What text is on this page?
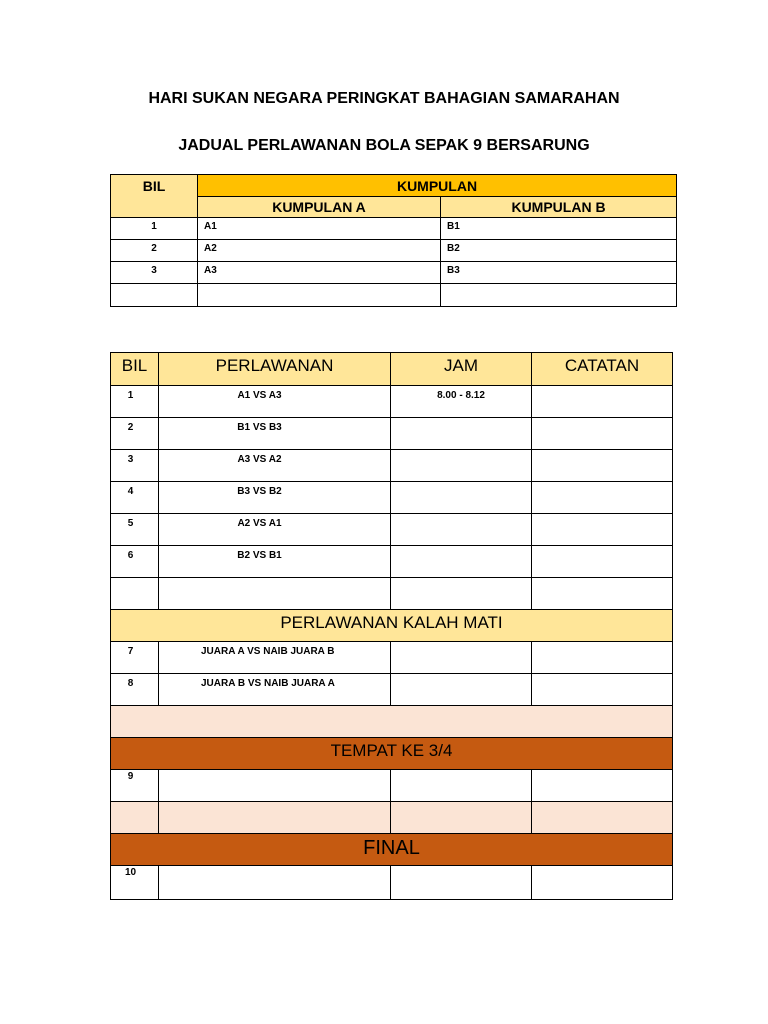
HARI SUKAN NEGARA PERINGKAT BAHAGIAN SAMARAHAN
JADUAL PERLAWANAN BOLA SEPAK 9 BERSARUNG
BIL	KUMPULAN	
	KUMPULAN A	KUMPULAN B
1	A1	B1
2	A2	B2
3	A3	B3

BIL	PERLAWANAN	JAM	CATATAN
1	A1 VS A3	8.00 - 8.12	
2	B1 VS B3		
3	A3 VS A2		
4	B3 VS B2		
5	A2 VS A1		
6	B2 VS B1		

PERLAWANAN KALAH MATI			
7	JUARA A VS NAIB JUARA B		
8	JUARA B VS NAIB JUARA A		

TEMPAT KE 3/4			
9			

FINAL			
10			
